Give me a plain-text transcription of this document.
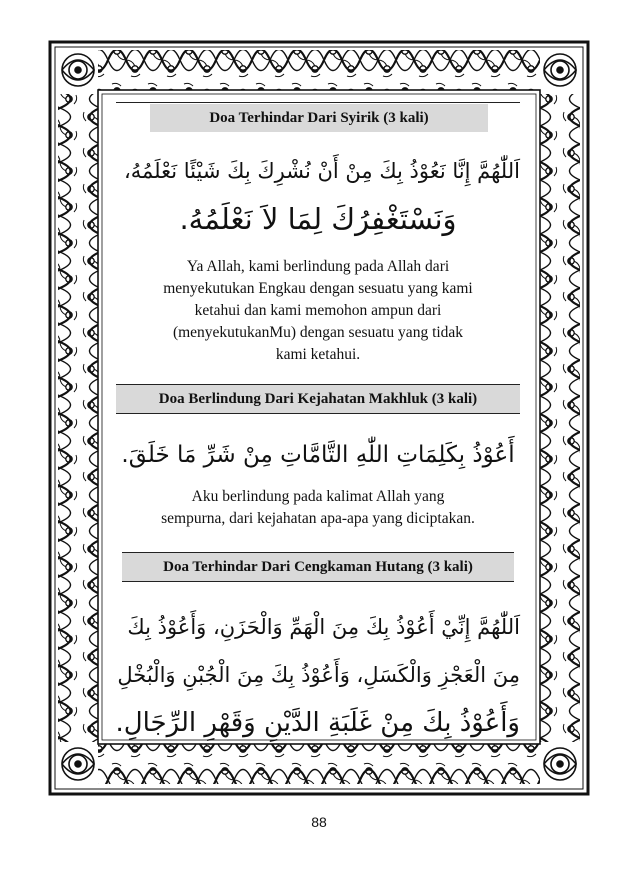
Doa Terhindar Dari Syirik (3 kali)
اَللّٰهُمَّ إِنَّا نَعُوْذُ بِكَ مِنْ أَنْ نُشْرِكَ بِكَ شَيْئًا نَعْلَمُهُ،
وَنَسْتَغْفِرُكَ لِمَا لاَ نَعْلَمُهُ.
Ya Allah, kami berlindung pada Allah dari
menyekutukan Engkau dengan sesuatu yang kami
ketahui dan kami memohon ampun dari
(menyekutukanMu) dengan sesuatu yang tidak
kami ketahui.
Doa Berlindung Dari Kejahatan Makhluk (3 kali)
أَعُوْذُ بِكَلِمَاتِ اللّٰهِ التَّامَّاتِ مِنْ شَرِّ مَا خَلَقَ.
Aku berlindung pada kalimat Allah yang
sempurna, dari kejahatan apa-apa yang diciptakan.
Doa Terhindar Dari Cengkaman Hutang (3 kali)
اَللّٰهُمَّ إِنِّيْ أَعُوْذُ بِكَ مِنَ الْهَمِّ وَالْحَزَنِ، وَأَعُوْذُ بِكَ
مِنَ الْعَجْزِ وَالْكَسَلِ، وَأَعُوْذُ بِكَ مِنَ الْجُبْنِ وَالْبُخْلِ
وَأَعُوْذُ بِكَ مِنْ غَلَبَةِ الدَّيْنِ وَقَهْرِ الرِّجَالِ.
88
